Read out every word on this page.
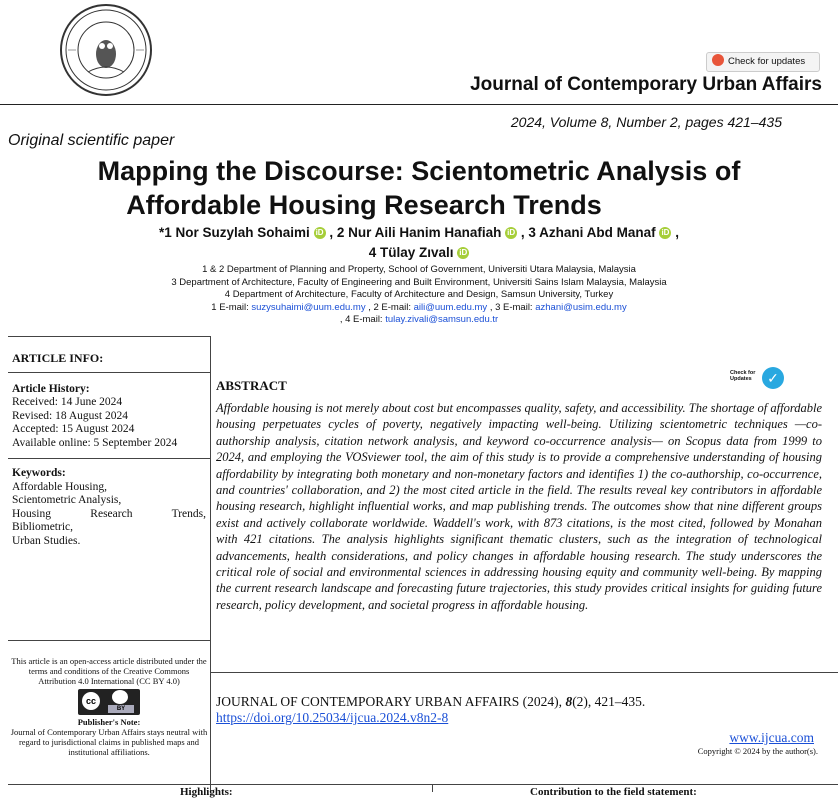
Check for updates
Journal of Contemporary Urban Affairs
2024, Volume 8, Number 2, pages 421–435
Original scientific paper
Mapping the Discourse: Scientometric Analysis of
Affordable Housing Research Trends
*1 Nor Suzylah Sohaimi iD , 2 Nur Aili Hanim Hanafiah iD , 3 Azhani Abd Manaf iD ,
4 Tülay Zıvalı iD
1 & 2 Department of Planning and Property, School of Government, Universiti Utara Malaysia, Malaysia
3 Department of Architecture, Faculty of Engineering and Built Environment, Universiti Sains Islam Malaysia, Malaysia
4 Department of Architecture, Faculty of Architecture and Design, Samsun University, Turkey
1 E-mail: suzysuhaimi@uum.edu.my , 2 E-mail: aili@uum.edu.my , 3 E-mail: azhani@usim.edu.my
, 4 E-mail: tulay.zivali@samsun.edu.tr
ARTICLE INFO:
Article History:
Received: 14 June 2024
Revised: 18 August 2024
Accepted: 15 August 2024
Available online: 5 September 2024
Keywords:
Affordable Housing,
Scientometric Analysis,
Housing Research Trends,
Bibliometric,
Urban Studies.
This article is an open-access article distributed under the terms and conditions of the Creative Commons Attribution 4.0 International (CC BY 4.0)
cc
BY
Publisher's Note:
Journal of Contemporary Urban Affairs stays neutral with regard to jurisdictional claims in published maps and institutional affiliations.
ABSTRACT
Check for Updates	✓
Affordable housing is not merely about cost but encompasses quality, safety, and accessibility. The shortage of affordable housing perpetuates cycles of poverty, negatively impacting well-being. Utilizing scientometric techniques —co-authorship analysis, citation network analysis, and keyword co-occurrence analysis— on Scopus data from 1999 to 2024, and employing the VOSviewer tool, the aim of this study is to provide a comprehensive understanding of housing affordability by integrating both monetary and non-monetary factors and identifies 1) the co-authorship, co-occurrence, and countries' collaboration, and 2) the most cited article in the field. The results reveal key contributors in affordable housing research, highlight influential works, and map publishing trends. The outcomes show that nine different groups exist and actively collaborate worldwide. Waddell's work, with 873 citations, is the most cited, followed by Monahan with 421 citations. The analysis highlights significant thematic clusters, such as the integration of technological advancements, health considerations, and policy changes in affordable housing research. The study underscores the critical role of social and environmental sciences in addressing housing equity and community well-being. By mapping the current research landscape and forecasting future trajectories, this study provides critical insights for guiding future research, policy development, and societal progress in affordable housing.
JOURNAL OF CONTEMPORARY URBAN AFFAIRS (2024), 8(2), 421–435.
https://doi.org/10.25034/ijcua.2024.v8n2-8
www.ijcua.com
Copyright © 2024 by the author(s).
Highlights:	Contribution to the field statement:
